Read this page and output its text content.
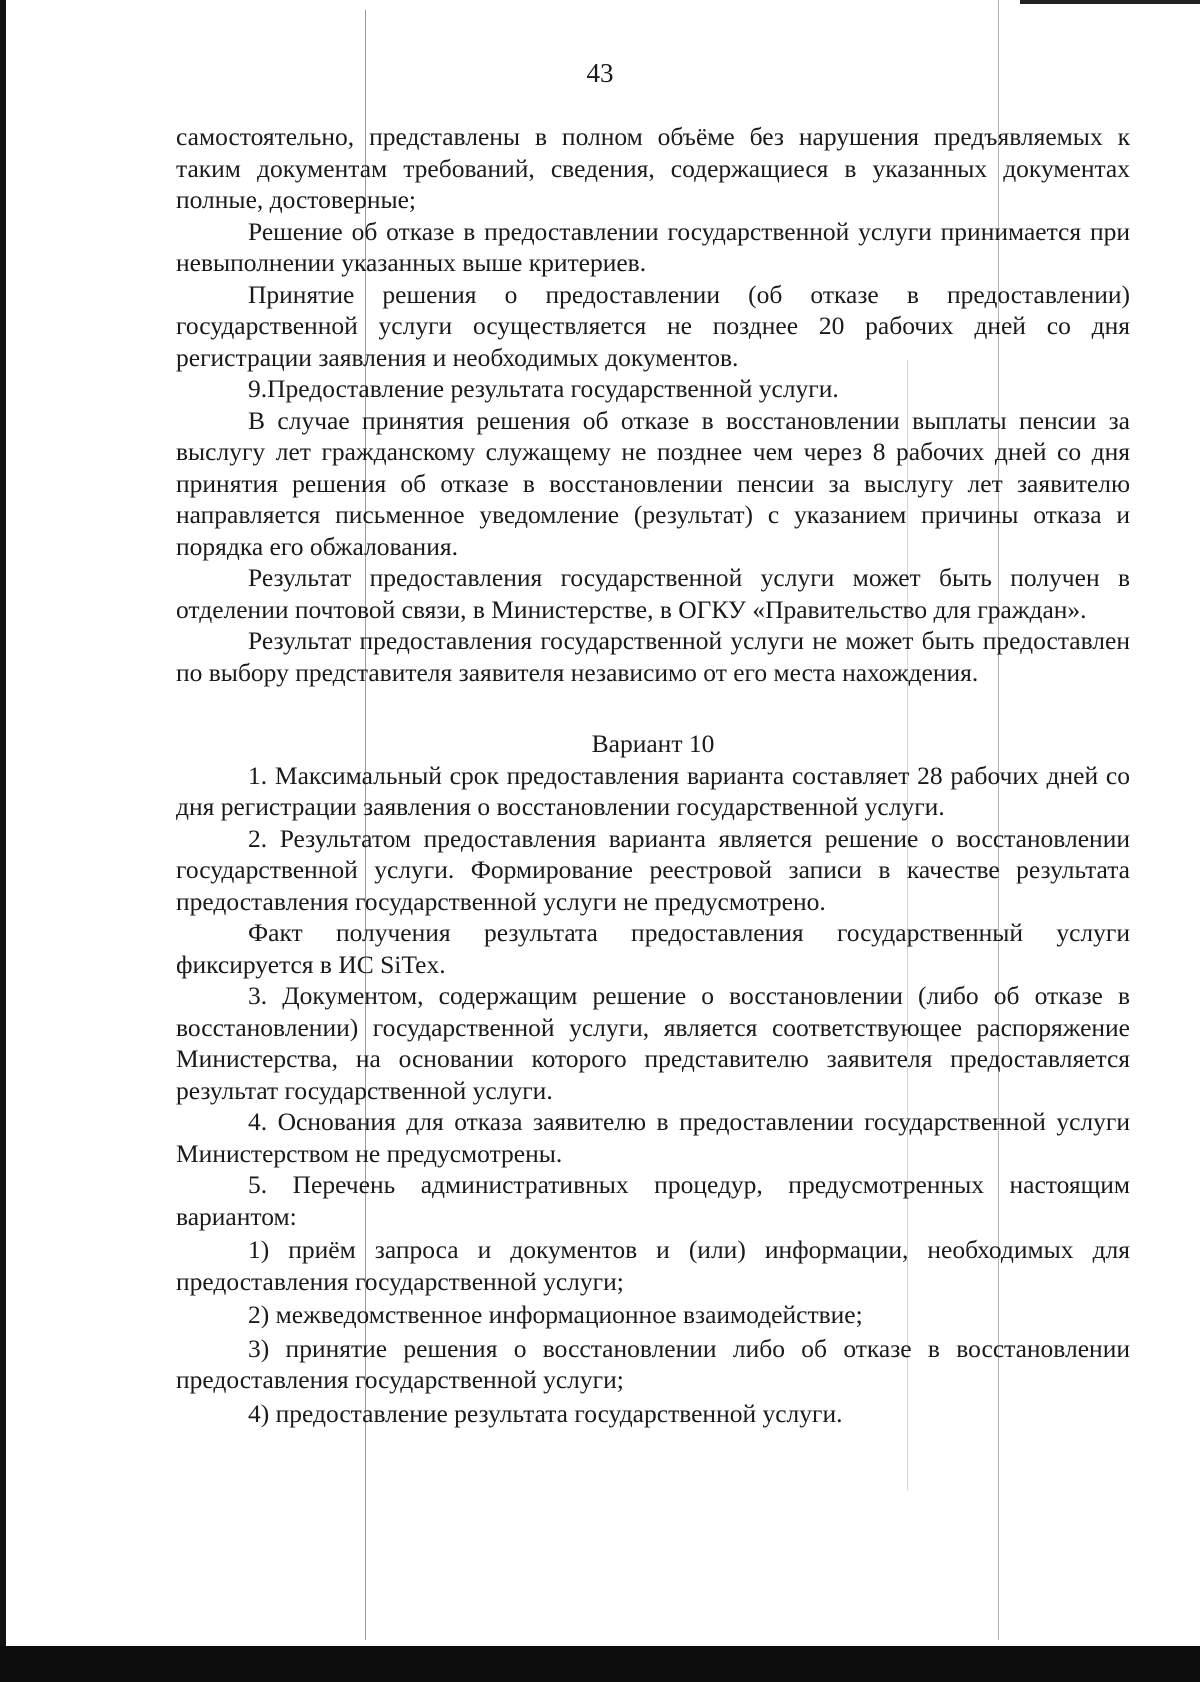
43

самостоятельно, представлены в полном объёме без нарушения предъявляемых к таким документам требований, сведения, содержащиеся в указанных документах полные, достоверные;

Решение об отказе в предоставлении государственной услуги принимается при невыполнении указанных выше критериев.

Принятие решения о предоставлении (об отказе в предоставлении) государственной услуги осуществляется не позднее 20 рабочих дней со дня регистрации заявления и необходимых документов.

9.Предоставление результата государственной услуги.

В случае принятия решения об отказе в восстановлении выплаты пенсии за выслугу лет гражданскому служащему не позднее чем через 8 рабочих дней со дня принятия решения об отказе в восстановлении пенсии за выслугу лет заявителю направляется письменное уведомление (результат) с указанием причины отказа и порядка его обжалования.

Результат предоставления государственной услуги может быть получен в отделении почтовой связи, в Министерстве, в ОГКУ «Правительство для граждан».

Результат предоставления государственной услуги не может быть предоставлен по выбору представителя заявителя независимо от его места нахождения.

Вариант 10

1. Максимальный срок предоставления варианта составляет 28 рабочих дней со дня регистрации заявления о восстановлении государственной услуги.

2. Результатом предоставления варианта является решение о восстановлении государственной услуги. Формирование реестровой записи в качестве результата предоставления государственной услуги не предусмотрено.

Факт получения результата предоставления государственный услуги фиксируется в ИС SiTex.

3. Документом, содержащим решение о восстановлении (либо об отказе в восстановлении) государственной услуги, является соответствующее распоряжение Министерства, на основании которого представителю заявителя предоставляется результат государственной услуги.

4. Основания для отказа заявителю в предоставлении государственной услуги Министерством не предусмотрены.

5. Перечень административных процедур, предусмотренных настоящим вариантом:

1) приём запроса и документов и (или) информации, необходимых для предоставления государственной услуги;

2) межведомственное информационное взаимодействие;

3) принятие решения о восстановлении либо об отказе в восстановлении предоставления государственной услуги;

4) предоставление результата государственной услуги.
